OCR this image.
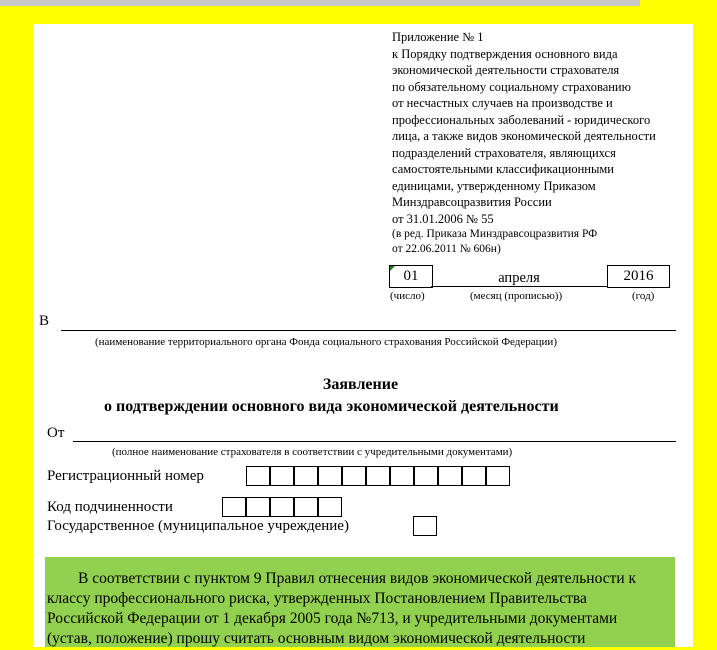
Приложение № 1
к Порядку подтверждения основного вида
экономической деятельности страхователя
по обязательному социальному страхованию
от несчастных случаев на производстве и
профессиональных заболеваний - юридического
лица, а также видов экономической деятельности
подразделений страхователя, являющихся
самостоятельными классификационными
единицами, утвержденному Приказом
Минздравсоцразвития России
от 31.01.2006 № 55
(в ред. Приказа Минздравсоцразвития РФ
от 22.06.2011 № 606н)
01	апреля	2016
(число)	(месяц (прописью))	(год)
В
(наименование территориального органа Фонда социального страхования Российской Федерации)
Заявление
о подтверждении основного вида экономической деятельности
От
(полное наименование страхователя в соответствии с учредительными документами)
Регистрационный номер
Код подчиненности
Государственное (муниципальное учреждение)
В соответствии с пунктом 9 Правил отнесения видов экономической деятельности к
классу профессионального риска, утвержденных Постановлением Правительства
Российской Федерации от 1 декабря 2005 года №713, и учредительными документами
(устав, положение) прошу считать основным видом экономической деятельности
